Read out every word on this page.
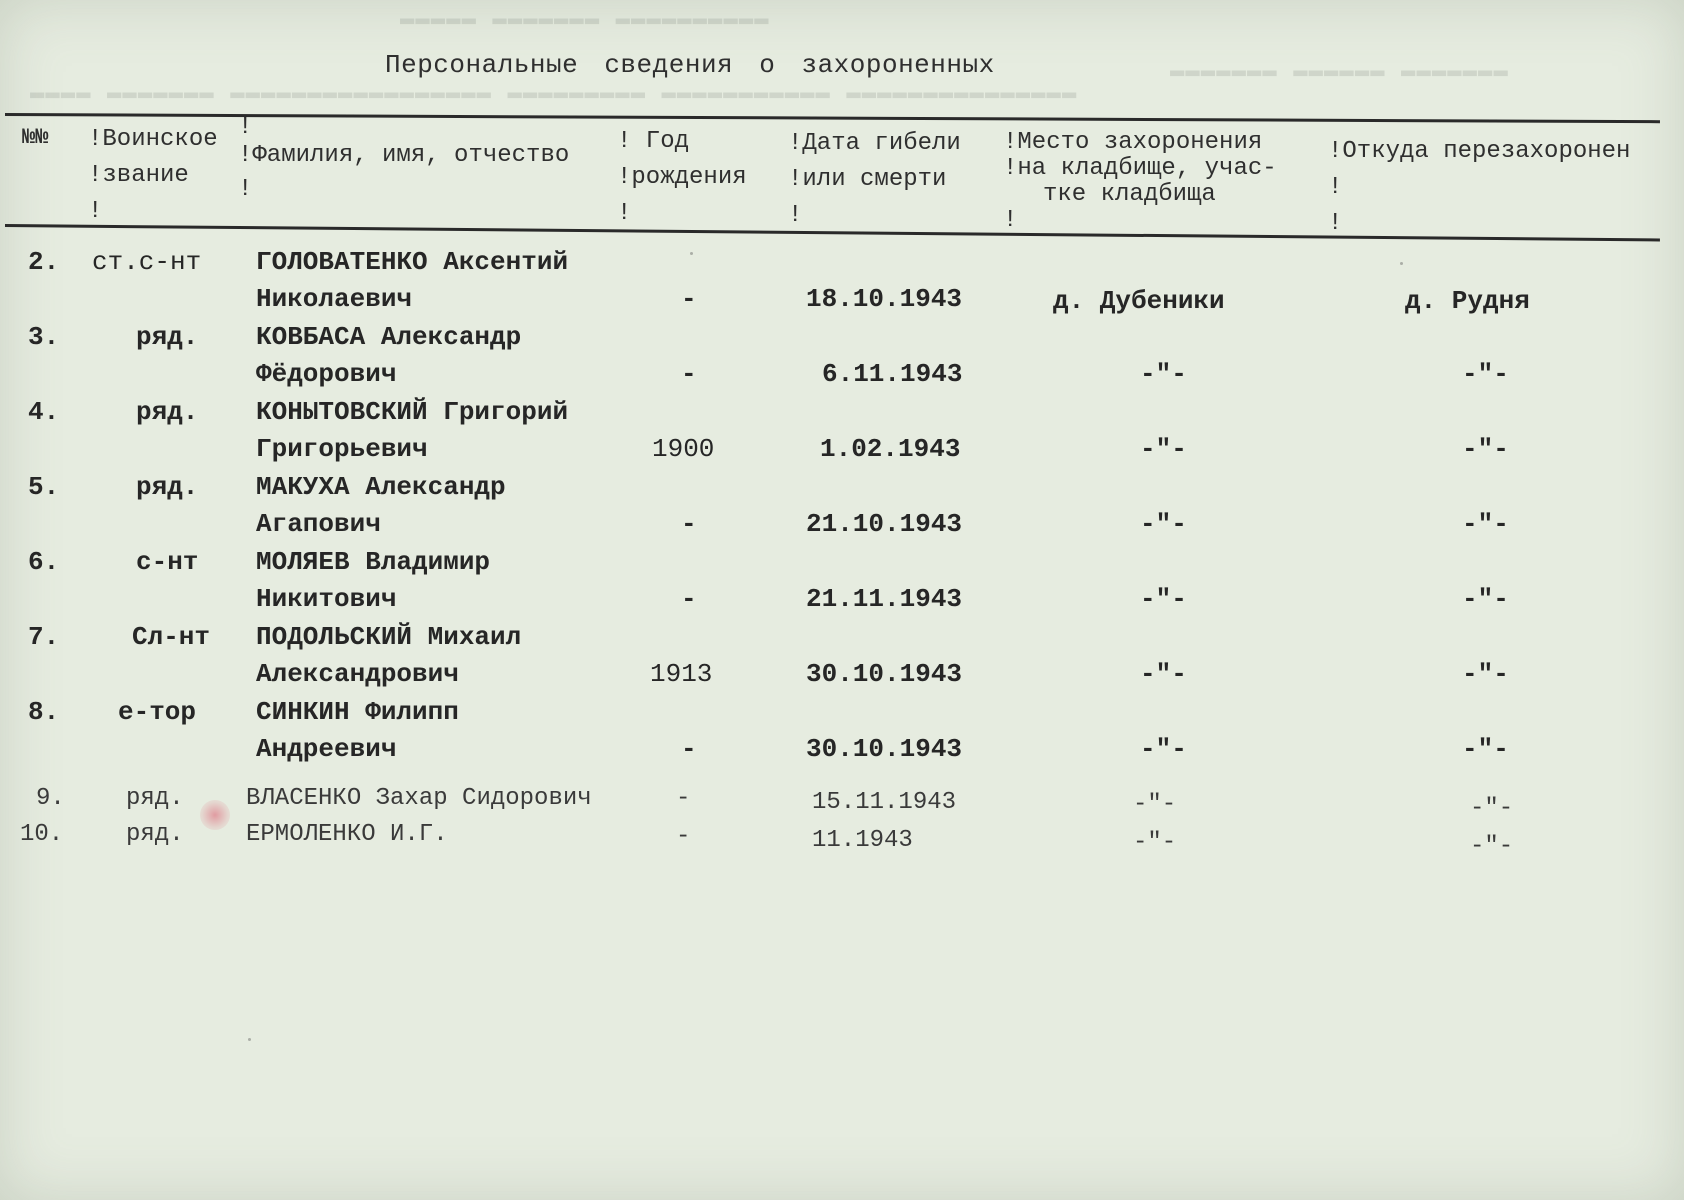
▬▬▬▬▬ ▬▬▬▬▬▬▬ ▬▬▬▬▬▬▬▬▬▬
▬▬▬▬ ▬▬▬▬▬▬▬ ▬▬▬▬▬▬▬▬▬▬▬▬▬▬▬▬▬ ▬▬▬▬▬▬▬▬▬ ▬▬▬▬▬▬▬▬▬▬▬ ▬▬▬▬▬▬▬▬▬▬▬▬▬▬▬
▬▬▬▬▬▬▬ ▬▬▬▬▬▬ ▬▬▬▬▬▬▬
Персональные сведения о захороненных
№№ !Воинское
!звание
!
!
!Фамилия, имя, отчество
!
! Год
!рождения
!
!Дата гибели
!или смерти
!
!Место захоронения
!на кладбище, учас-
тке кладбища
!
!Откуда перезахоронен
!
!
2. ст.с-нт ГОЛОВАТЕНКО Аксентий
Николаевич	-	18.10.1943	д. Дубеники	д. Рудня
3.	ряд. КОВБАСА Александр
Фёдорович	-	6.11.1943	-"-	-"-
4.	ряд. КОНЫТОВСКИЙ Григорий
Григорьевич	1900	1.02.1943	-"-	-"-
5.	ряд. МАКУХА Александр
Агапович	-	21.10.1943	-"-	-"-
6.	с-нт МОЛЯЕВ Владимир
Никитович	-	21.11.1943	-"-	-"-
7.	Сл-нт ПОДОЛЬСКИЙ Михаил
Александрович	1913	30.10.1943	-"-	-"-
8. е-тор СИНКИН Филипп
Андреевич	-	30.10.1943	-"-	-"-
9.	ряд.	ВЛАСЕНКО Захар Сидорович	-	15.11.1943	-"-	-"-
10.	ряд.	ЕРМОЛЕНКО И.Г.	-	11.1943	-"-	-"-
